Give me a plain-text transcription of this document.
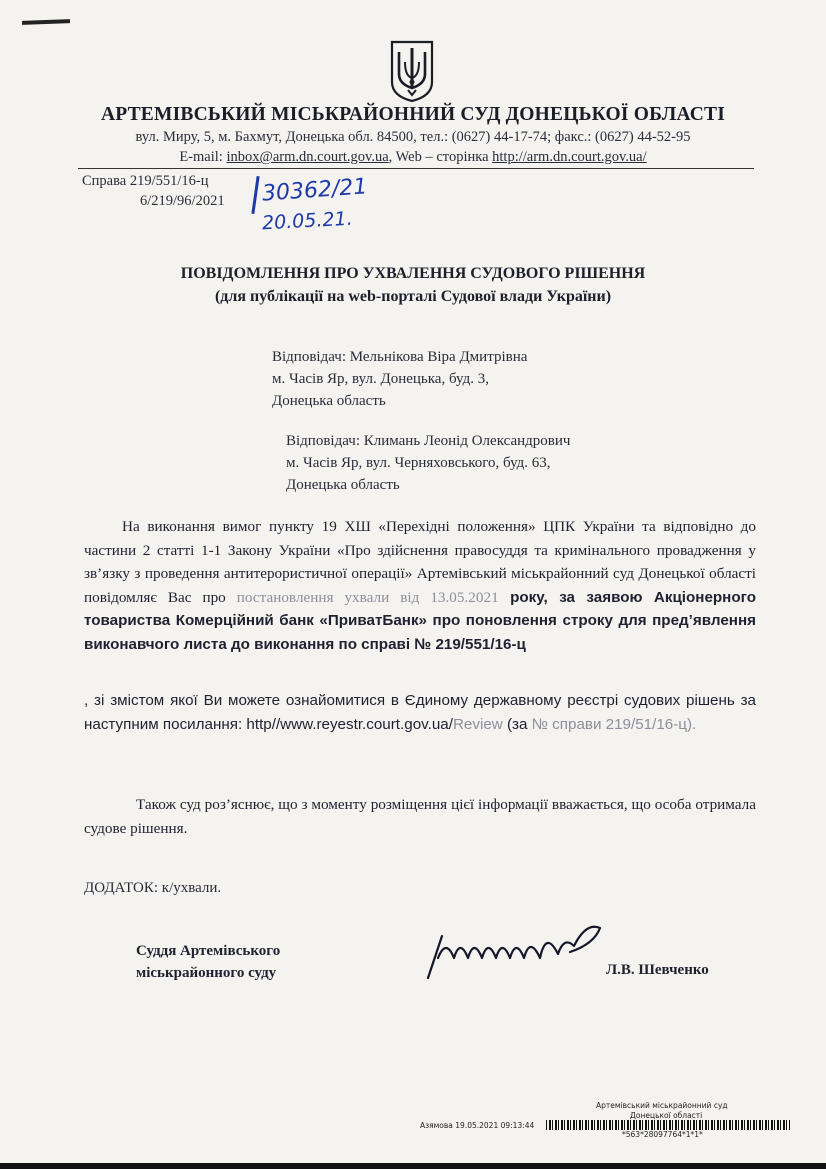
АРТЕМІВСЬКИЙ МІСЬКРАЙОННИЙ СУД ДОНЕЦЬКОЇ ОБЛАСТІ
вул. Миру, 5, м. Бахмут, Донецька обл. 84500, тел.: (0627) 44-17-74; факс.: (0627) 44-52-95
E-mail: inbox@arm.dn.court.gov.ua, Web – сторінка http://arm.dn.court.gov.ua/
Справа 219/551/16-ц
6/219/96/2021 30362/21
20.05.21.
ПОВІДОМЛЕННЯ ПРО УХВАЛЕННЯ СУДОВОГО РІШЕННЯ
(для публікації на web-порталі Судової влади України)
Відповідач: Мельнікова Віра Дмитрівна
м. Часів Яр, вул. Донецька, буд. 3,
Донецька область
Відповідач: Климань Леонід Олександрович
м. Часів Яр, вул. Черняховського, буд. 63,
Донецька область
На виконання вимог пункту 19 ХШ «Перехідні положення» ЦПК України та відповідно до частини 2 статті 1-1 Закону України «Про здійснення правосуддя та кримінального провадження у зв’язку з проведення антитерористичної операції» Артемівський міськрайонний суд Донецької області повідомляє Вас про постановлення ухвали від 13.05.2021 року, за заявою Акціонерного товариства Комерційний банк «ПриватБанк» про поновлення строку для пред’явлення виконавчого листа до виконання по справі № 219/551/16-ц
, зі змістом якої Ви можете ознайомитися в Єдиному державному реєстрі судових рішень за наступним посилання: http//www.reyestr.court.gov.ua/Review (за № справи 219/51/16-ц).
Також суд роз’яснює, що з моменту розміщення цієї інформації вважається, що особа отримала судове рішення.
ДОДАТОК: к/ухвали.
Суддя Артемівського
міськрайонного суду	Л.В. Шевченко
Артемівський міськрайонний суд
Донецької області
Азямова 19.05.2021 09:13:44
*563*28097764*1*1*
